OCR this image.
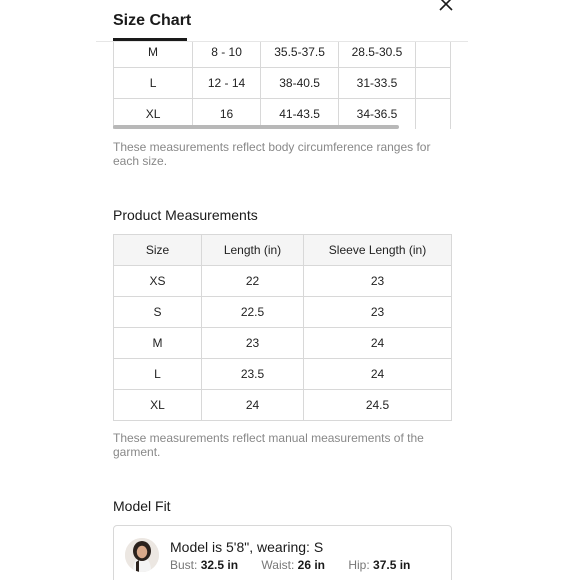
M	8 - 10	35.5-37.5	28.5-30.5	
L	12 - 14	38-40.5	31-33.5	
XL	16	41-43.5	34-36.5	
Size Chart
These measurements reflect body circumference ranges for each size.
Product Measurements
Size	Length (in)	Sleeve Length (in)
XS	22	23
S	22.5	23
M	23	24
L	23.5	24
XL	24	24.5
These measurements reflect manual measurements of the garment.
Model Fit
Model is 5'8", wearing: S
Bust: 32.5 in Waist: 26 in Hip: 37.5 in
